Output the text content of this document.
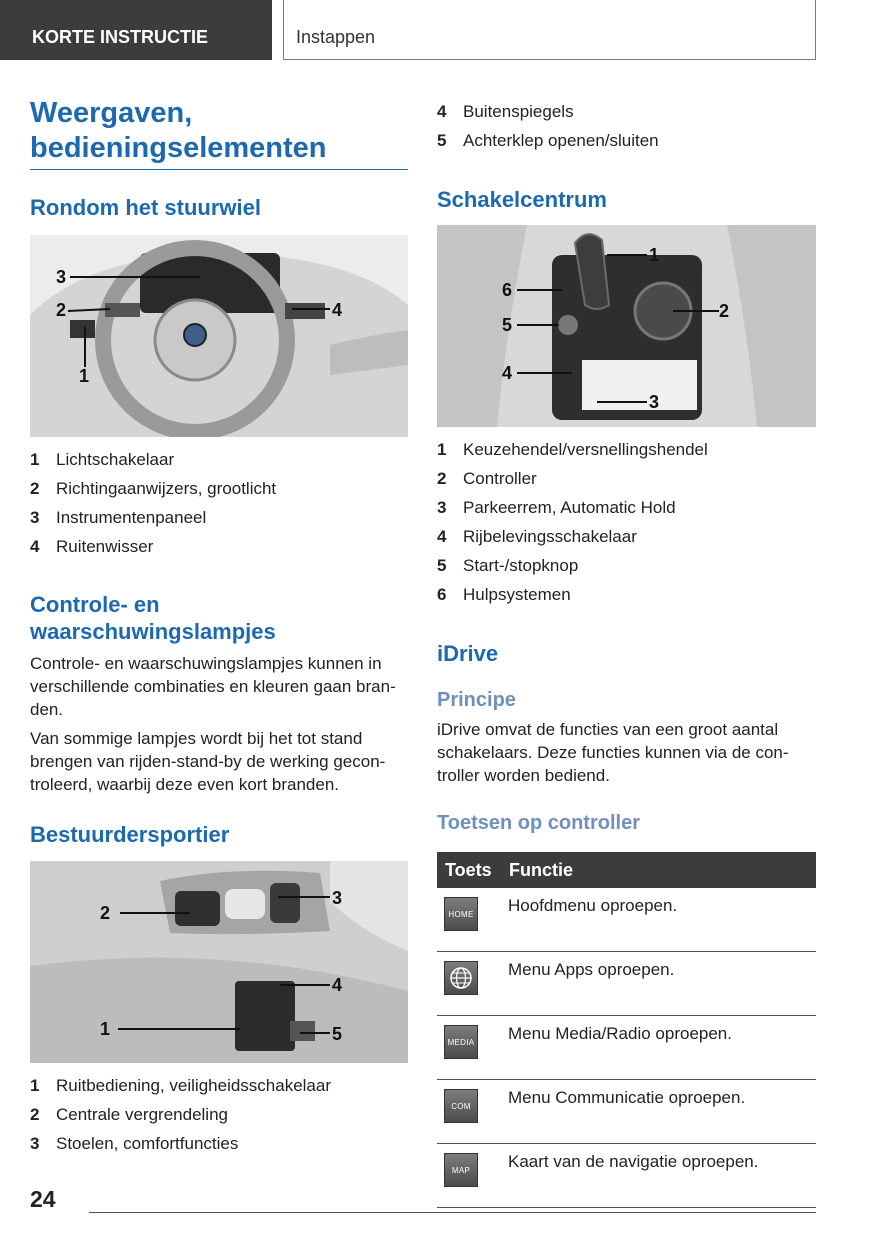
KORTE INSTRUCTIE	Instappen
Weergaven, bedieningselementen
Rondom het stuurwiel
3
2	4
1
1 Lichtschakelaar
2 Richtingaanwijzers, grootlicht
3 Instrumentenpaneel
4 Ruitenwisser
Controle- en waarschuwingslampjes

Controle- en waarschuwingslampjes kunnen in verschillende combinaties en kleuren gaan branden.

Van sommige lampjes wordt bij het tot stand brengen van rijden-stand-by de werking gecontroleerd, waarbij deze even kort branden.

Bestuurdersportier
2
3
4
1	5
1 Ruitbediening, veiligheidsschakelaar
2 Centrale vergrendeling
3 Stoelen, comfortfuncties
4 Buitenspiegels
5 Achterklep openen/sluiten
Schakelcentrum
1
6
2
5
4
3
1 Keuzehendel/versnellingshendel
2 Controller
3 Parkeerrem, Automatic Hold
4 Rijbelevingsschakelaar
5 Start-/stopknop
6 Hulpsystemen
iDrive
Principe

iDrive omvat de functies van een groot aantal schakelaars. Deze functies kunnen via de controller worden bediend.

Toetsen op controller
Toets	Functie

HOME	Hoofdmenu oproepen.

	Menu Apps oproepen.

MEDIA	Menu Media/Radio oproepen.

COM	Menu Communicatie oproepen.

MAP	Kaart van de navigatie oproepen.
24
